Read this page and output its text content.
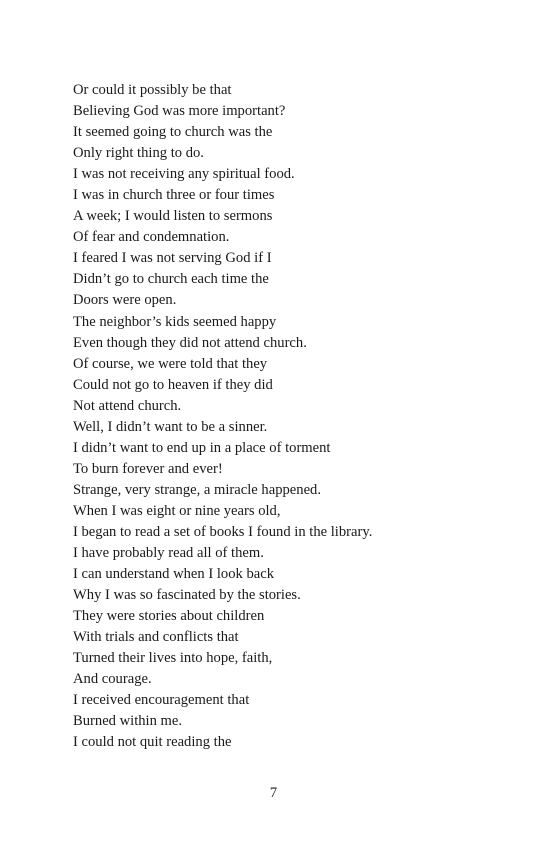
Or could it possibly be that
Believing God was more important?
It seemed going to church was the
Only right thing to do.
I was not receiving any spiritual food.
I was in church three or four times
A week; I would listen to sermons
Of fear and condemnation.
I feared I was not serving God if I
Didn’t go to church each time the
Doors were open.
The neighbor’s kids seemed happy
Even though they did not attend church.
Of course, we were told that they
Could not go to heaven if they did
Not attend church.
Well, I didn’t want to be a sinner.
I didn’t want to end up in a place of torment
To burn forever and ever!
Strange, very strange, a miracle happened.
When I was eight or nine years old,
I began to read a set of books I found in the library.
I have probably read all of them.
I can understand when I look back
Why I was so fascinated by the stories.
They were stories about children
With trials and conflicts that
Turned their lives into hope, faith,
And courage.
I received encouragement that
Burned within me.
I could not quit reading the
7
